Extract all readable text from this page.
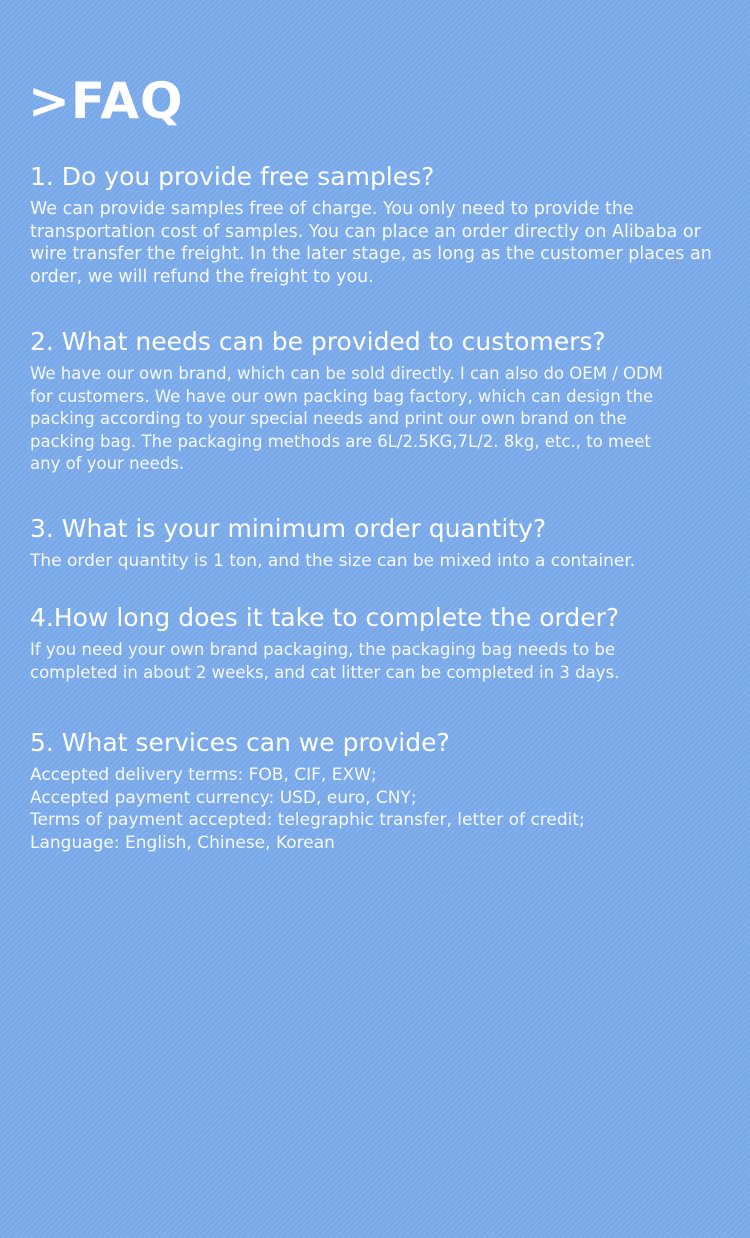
>FAQ
1. Do you provide free samples?

We can provide samples free of charge. You only need to provide the
transportation cost of samples. You can place an order directly on Alibaba or
wire transfer the freight. In the later stage, as long as the customer places an
order, we will refund the freight to you.

2. What needs can be provided to customers?

We have our own brand, which can be sold directly. I can also do OEM / ODM
for customers. We have our own packing bag factory, which can design the
packing according to your special needs and print our own brand on the
packing bag. The packaging methods are 6L/2.5KG,7L/2. 8kg, etc., to meet
any of your needs.

3. What is your minimum order quantity?

The order quantity is 1 ton, and the size can be mixed into a container.

4.How long does it take to complete the order?

If you need your own brand packaging, the packaging bag needs to be
completed in about 2 weeks, and cat litter can be completed in 3 days.

5. What services can we provide?

Accepted delivery terms: FOB, CIF, EXW;
Accepted payment currency: USD, euro, CNY;
Terms of payment accepted: telegraphic transfer, letter of credit;
Language: English, Chinese, Korean
